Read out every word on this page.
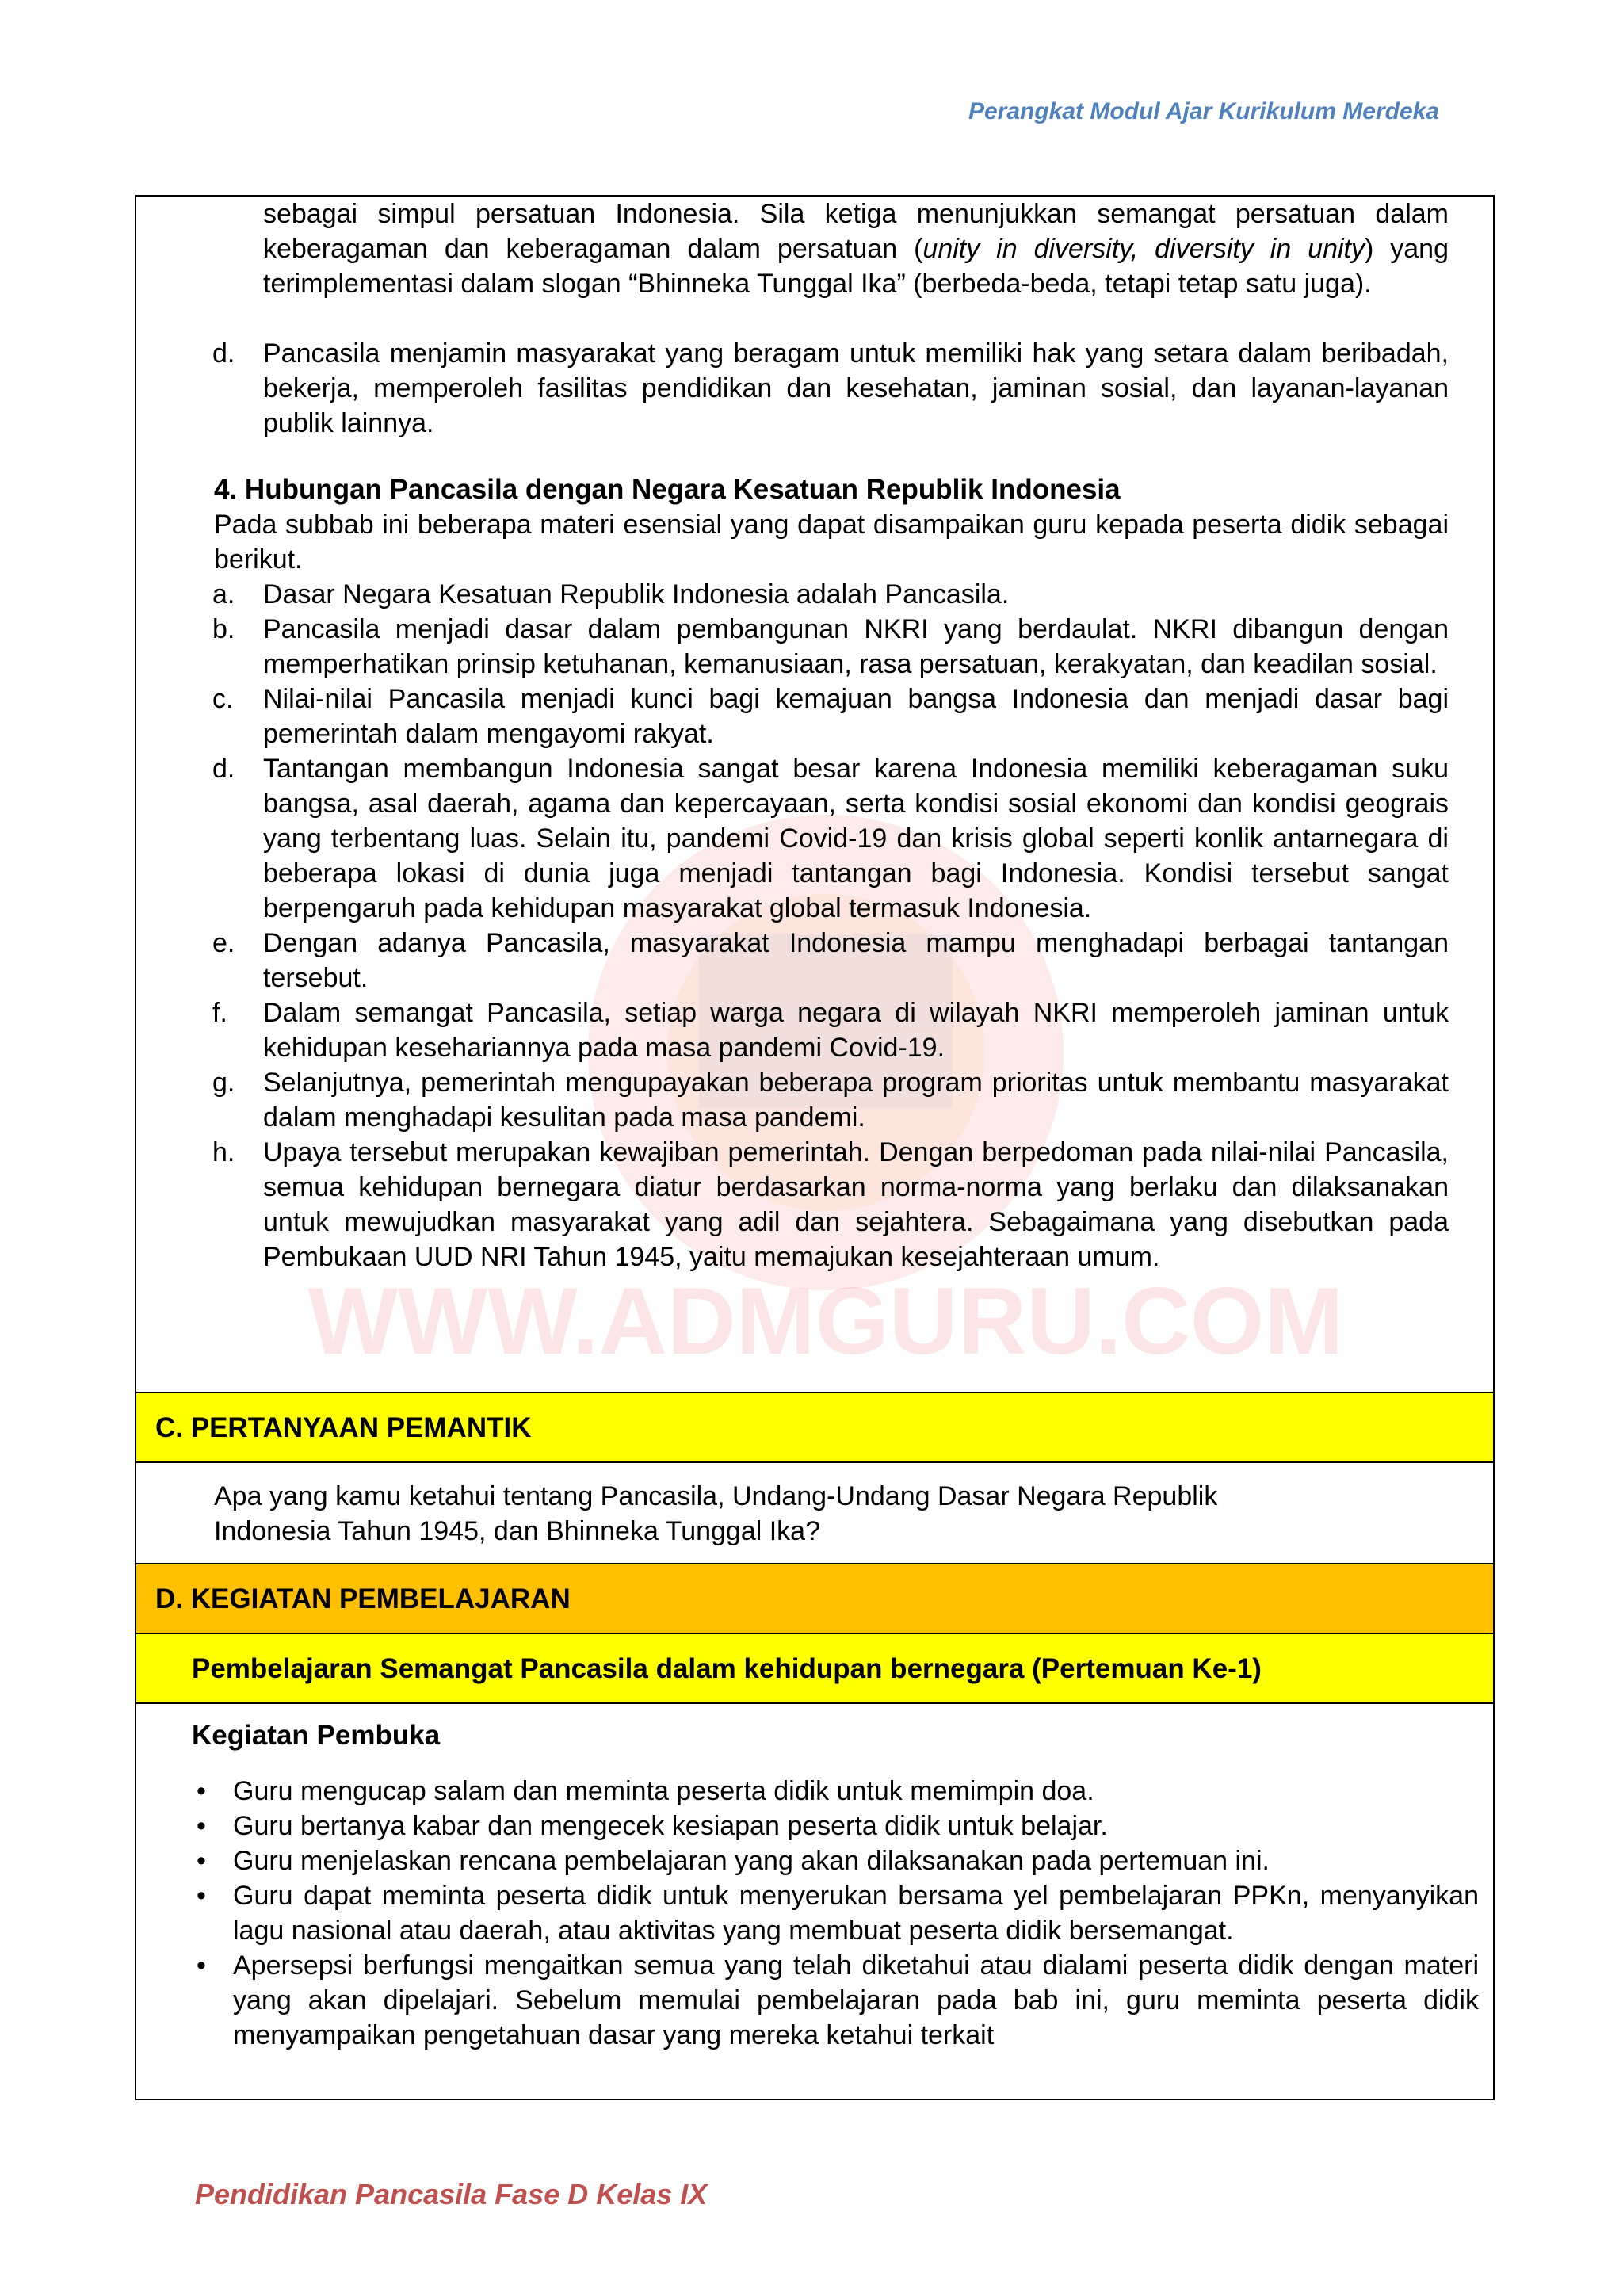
Perangkat Modul Ajar Kurikulum Merdeka
WWW.ADMGURU.COM
sebagai simpul persatuan Indonesia. Sila ketiga menunjukkan semangat persatuan dalam keberagaman dan keberagaman dalam persatuan (unity in diversity, diversity in unity) yang terimplementasi dalam slogan “Bhinneka Tunggal Ika” (berbeda-beda, tetapi tetap satu juga).
d. Pancasila menjamin masyarakat yang beragam untuk memiliki hak yang setara dalam beribadah, bekerja, memperoleh fasilitas pendidikan dan kesehatan, jaminan sosial, dan layanan-layanan publik lainnya.
4. Hubungan Pancasila dengan Negara Kesatuan Republik Indonesia
Pada subbab ini beberapa materi esensial yang dapat disampaikan guru kepada peserta didik sebagai berikut.
a. Dasar Negara Kesatuan Republik Indonesia adalah Pancasila.
b. Pancasila menjadi dasar dalam pembangunan NKRI yang berdaulat. NKRI dibangun dengan memperhatikan prinsip ketuhanan, kemanusiaan, rasa persatuan, kerakyatan, dan keadilan sosial.
c. Nilai-nilai Pancasila menjadi kunci bagi kemajuan bangsa Indonesia dan menjadi dasar bagi pemerintah dalam mengayomi rakyat.
d. Tantangan membangun Indonesia sangat besar karena Indonesia memiliki keberagaman suku bangsa, asal daerah, agama dan kepercayaan, serta kondisi sosial ekonomi dan kondisi geograis yang terbentang luas. Selain itu, pandemi Covid-19 dan krisis global seperti konlik antarnegara di beberapa lokasi di dunia juga menjadi tantangan bagi Indonesia. Kondisi tersebut sangat berpengaruh pada kehidupan masyarakat global termasuk Indonesia.
e. Dengan adanya Pancasila, masyarakat Indonesia mampu menghadapi berbagai tantangan tersebut.
f. Dalam semangat Pancasila, setiap warga negara di wilayah NKRI memperoleh jaminan untuk kehidupan kesehariannya pada masa pandemi Covid-19.
g. Selanjutnya, pemerintah mengupayakan beberapa program prioritas untuk membantu masyarakat dalam menghadapi kesulitan pada masa pandemi.
h. Upaya tersebut merupakan kewajiban pemerintah. Dengan berpedoman pada nilai-nilai Pancasila, semua kehidupan bernegara diatur berdasarkan norma-norma yang berlaku dan dilaksanakan untuk mewujudkan masyarakat yang adil dan sejahtera. Sebagaimana yang disebutkan pada Pembukaan UUD NRI Tahun 1945, yaitu memajukan kesejahteraan umum.
C. PERTANYAAN PEMANTIK
Apa yang kamu ketahui tentang Pancasila, Undang-Undang Dasar Negara Republik Indonesia Tahun 1945, dan Bhinneka Tunggal Ika?
D. KEGIATAN PEMBELAJARAN
Pembelajaran Semangat Pancasila dalam kehidupan bernegara (Pertemuan Ke-1)
Kegiatan Pembuka
• Guru mengucap salam dan meminta peserta didik untuk memimpin doa.
• Guru bertanya kabar dan mengecek kesiapan peserta didik untuk belajar.
• Guru menjelaskan rencana pembelajaran yang akan dilaksanakan pada pertemuan ini.
• Guru dapat meminta peserta didik untuk menyerukan bersama yel pembelajaran PPKn, menyanyikan lagu nasional atau daerah, atau aktivitas yang membuat peserta didik bersemangat.
• Apersepsi berfungsi mengaitkan semua yang telah diketahui atau dialami peserta didik dengan materi yang akan dipelajari. Sebelum memulai pembelajaran pada bab ini, guru meminta peserta didik menyampaikan pengetahuan dasar yang mereka ketahui terkait
Pendidikan Pancasila Fase D Kelas IX
